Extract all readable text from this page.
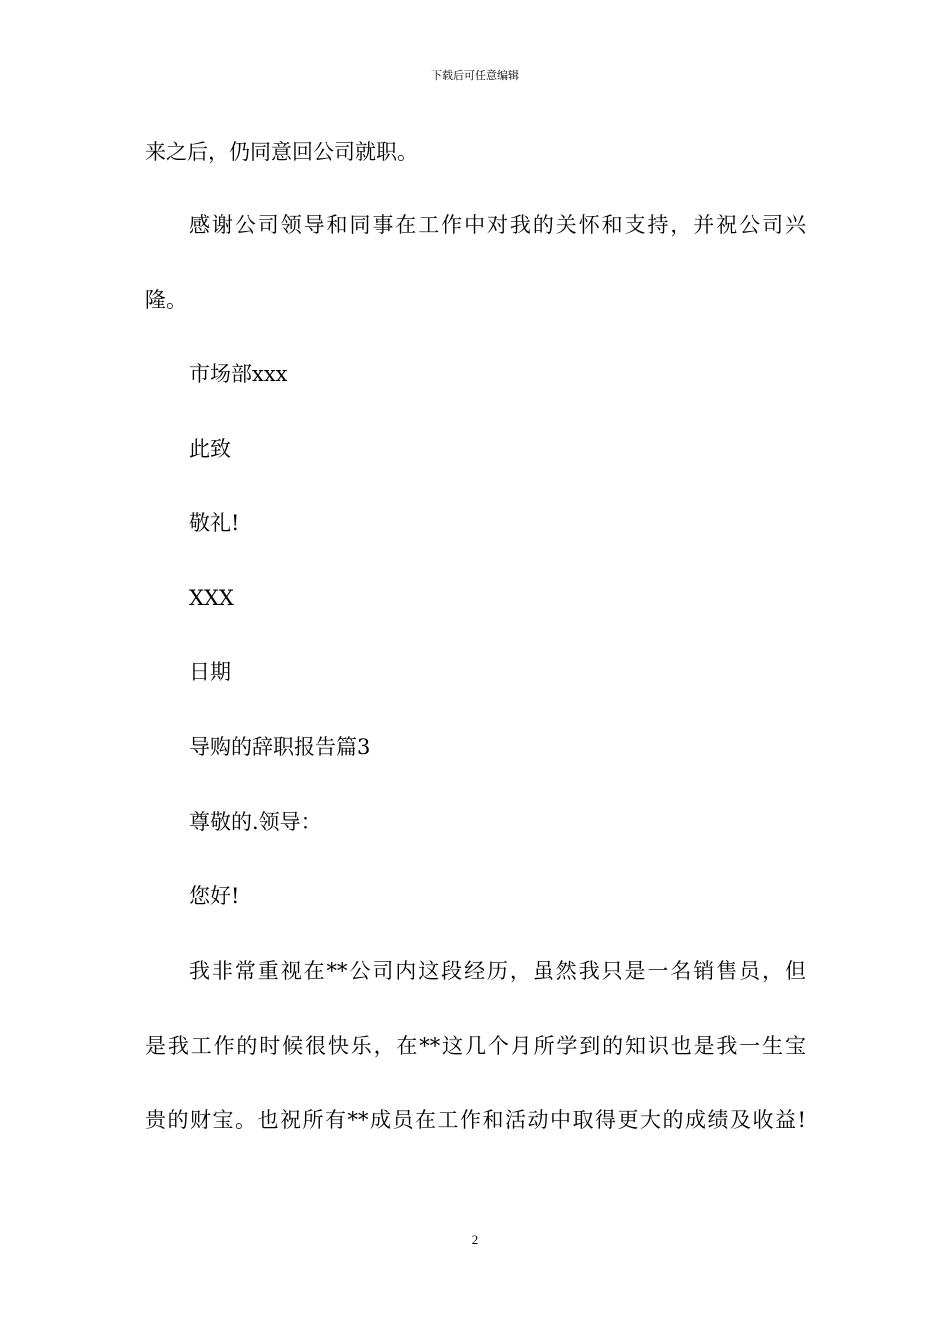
下载后可任意编辑
来之后，仍同意回公司就职。
感谢公司领导和同事在工作中对我的关怀和支持，并祝公司兴
隆。
市场部xxx
此致
敬礼!
XXX
日期
导购的辞职报告篇3
尊敬的.领导：
您好!
我非常重视在**公司内这段经历，虽然我只是一名销售员，但
是我工作的时候很快乐，在**这几个月所学到的知识也是我一生宝
贵的财宝。也祝所有**成员在工作和活动中取得更大的成绩及收益!
2
